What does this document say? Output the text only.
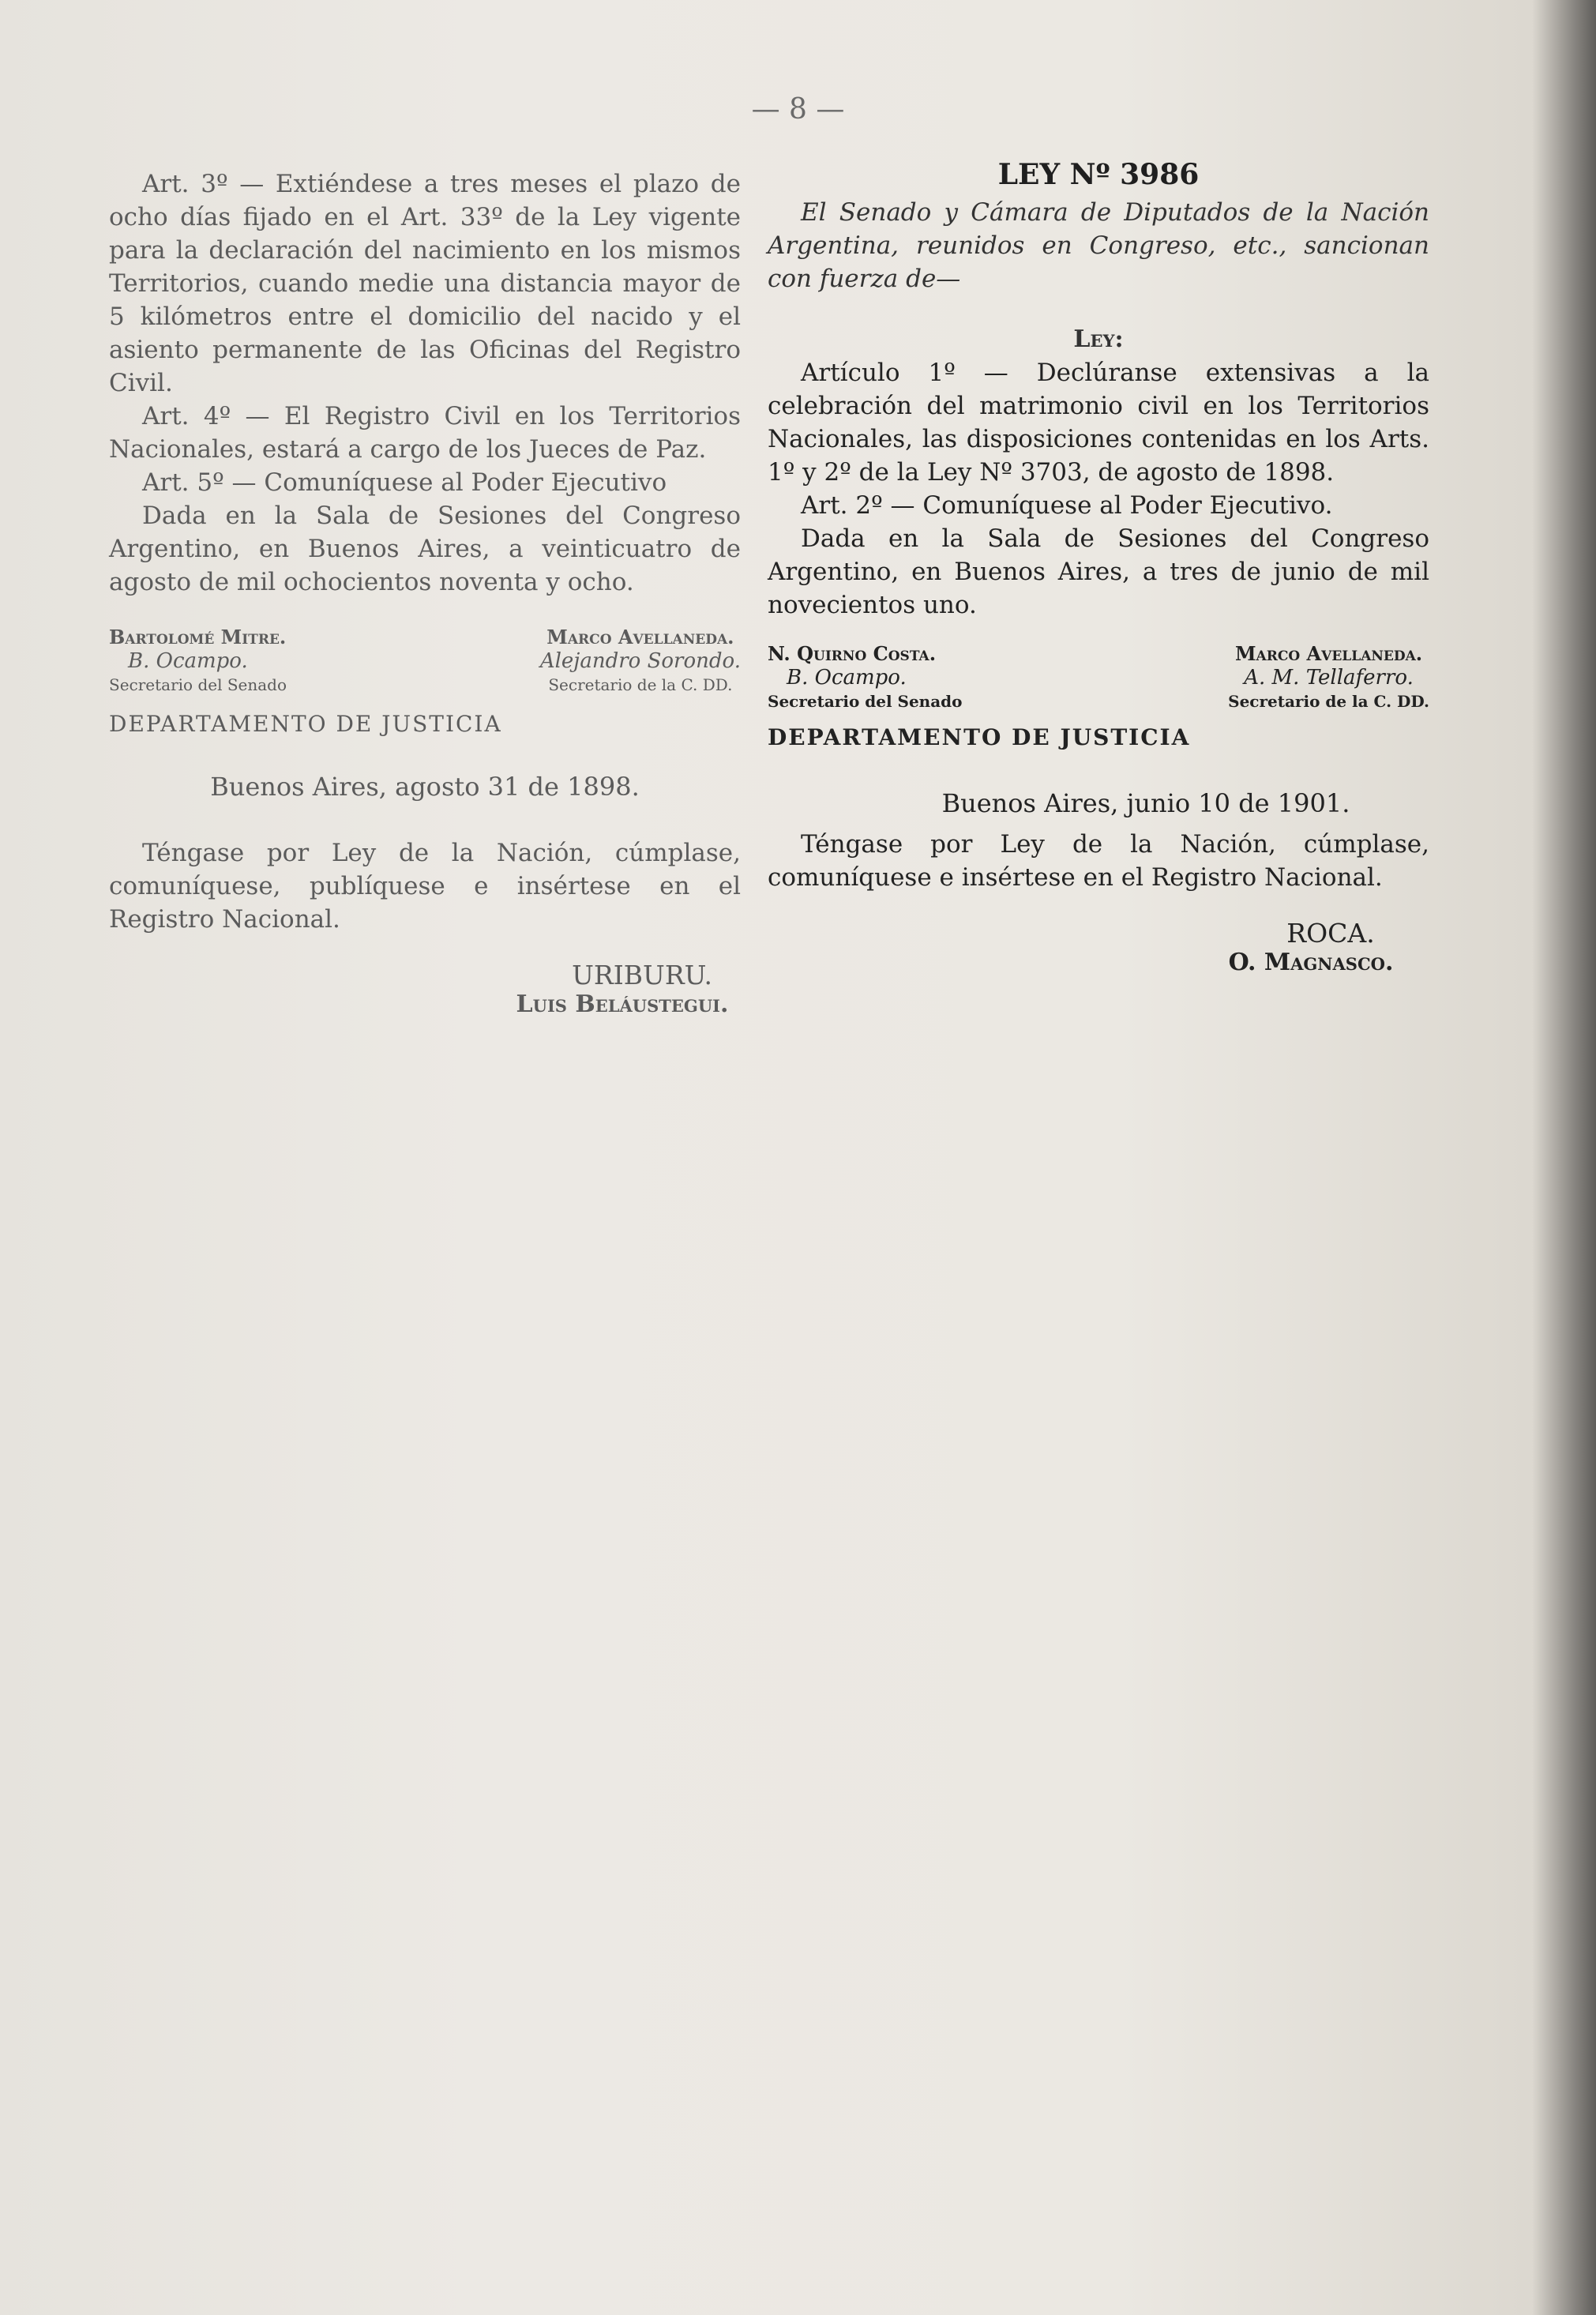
— 8 —

Art. 3º — Extiéndese a tres meses el plazo de ocho días fijado en el Art. 33º de la Ley vigente para la declaración del nacimiento en los mismos Territorios, cuando medie una distancia mayor de 5 kilómetros entre el domicilio del nacido y el asiento permanente de las Oficinas del Registro Civil.

Art. 4º — El Registro Civil en los Territorios Nacionales, estará a cargo de los Jueces de Paz.

Art. 5º — Comuníquese al Poder Ejecutivo

Dada en la Sala de Sesiones del Congreso Argentino, en Buenos Aires, a veinticuatro de agosto de mil ochocientos noventa y ocho.

Bartolomé Mitre.
B. Ocampo.
Secretario del Senado
Marco Avellaneda.
Alejandro Sorondo.
Secretario de la C. DD.
DEPARTAMENTO DE JUSTICIA
Buenos Aires, agosto 31 de 1898.

Téngase por Ley de la Nación, cúmplase, comuníquese, publíquese e insértese en el Registro Nacional.

URIBURU.
Luis Beláustegui.
LEY Nº 3986

El Senado y Cámara de Diputados de la Nación Argentina, reunidos en Congreso, etc., sancionan con fuerza de—

Ley:

Artículo 1º — Declúranse extensivas a la celebración del matrimonio civil en los Territorios Nacionales, las disposiciones contenidas en los Arts. 1º y 2º de la Ley Nº 3703, de agosto de 1898.

Art. 2º — Comuníquese al Poder Ejecutivo.

Dada en la Sala de Sesiones del Congreso Argentino, en Buenos Aires, a tres de junio de mil novecientos uno.

N. Quirno Costa.
B. Ocampo.
Secretario del Senado
Marco Avellaneda.
A. M. Tellaferro.
Secretario de la C. DD.
DEPARTAMENTO DE JUSTICIA
Buenos Aires, junio 10 de 1901.

Téngase por Ley de la Nación, cúmplase, comuníquese e insértese en el Registro Nacional.

ROCA.
O. Magnasco.
